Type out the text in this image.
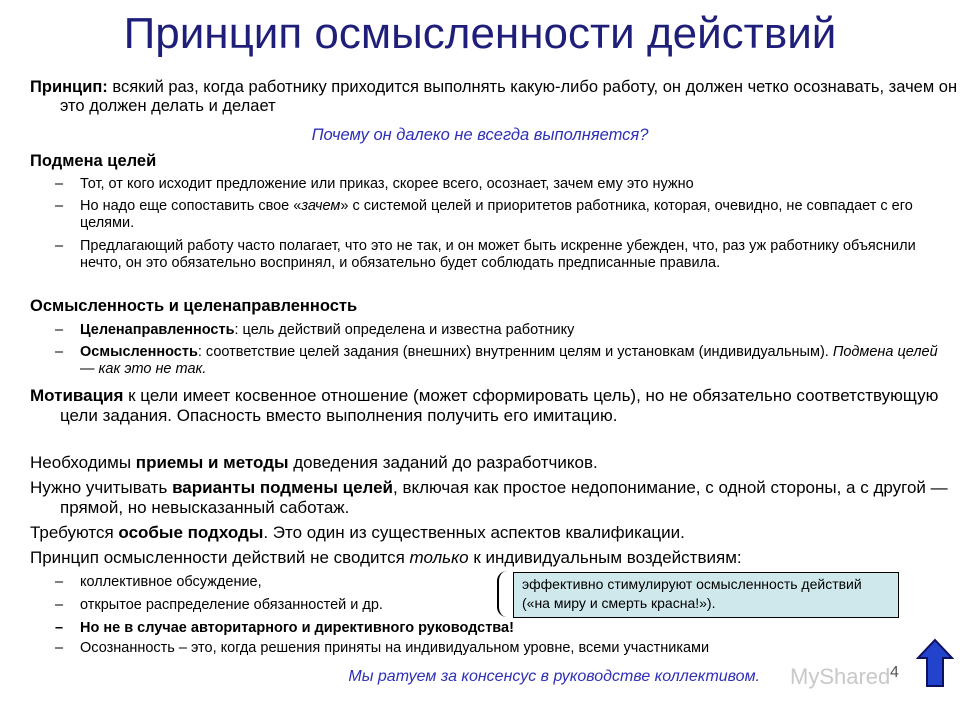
Принцип осмысленности действий
Принцип: всякий раз, когда работнику приходится выполнять какую-либо работу, он должен четко осознавать, зачем он это должен делать и делает
Почему он далеко не всегда выполняется?
Подмена целей
– Тот, от кого исходит предложение или приказ, скорее всего, осознает, зачем ему это нужно
– Но надо еще сопоставить свое «зачем» с системой целей и приоритетов работника, которая, очевидно, не совпадает с его целями.
– Предлагающий работу часто полагает, что это не так, и он может быть искренне убежден, что, раз уж работнику объяснили нечто, он это обязательно воспринял, и обязательно будет соблюдать предписанные правила.
Осмысленность и целенаправленность
– Целенаправленность: цель действий определена и известна работнику
– Осмысленность: соответствие целей задания (внешних) внутренним целям и установкам (индивидуальным). Подмена целей — как это не так.
Мотивация к цели имеет косвенное отношение (может сформировать цель), но не обязательно соответствующую цели задания. Опасность вместо выполнения получить его имитацию.
Необходимы приемы и методы доведения заданий до разработчиков.
Нужно учитывать варианты подмены целей, включая как простое недопонимание, с одной стороны, а с другой — прямой, но невысказанный саботаж.
Требуются особые подходы. Это один из существенных аспектов квалификации.
Принцип осмысленности действий не сводится только к индивидуальным воздействиям:
– коллективное обсуждение,
– открытое распределение обязанностей и др.
– Но не в случае авторитарного и директивного руководства!
– Осознанность – это, когда решения приняты на индивидуальном уровне, всеми участниками
эффективно стимулируют осмысленность действий («на миру и смерть красна!»).
Мы ратуем за консенсус в руководстве коллективом. MyShared 4
